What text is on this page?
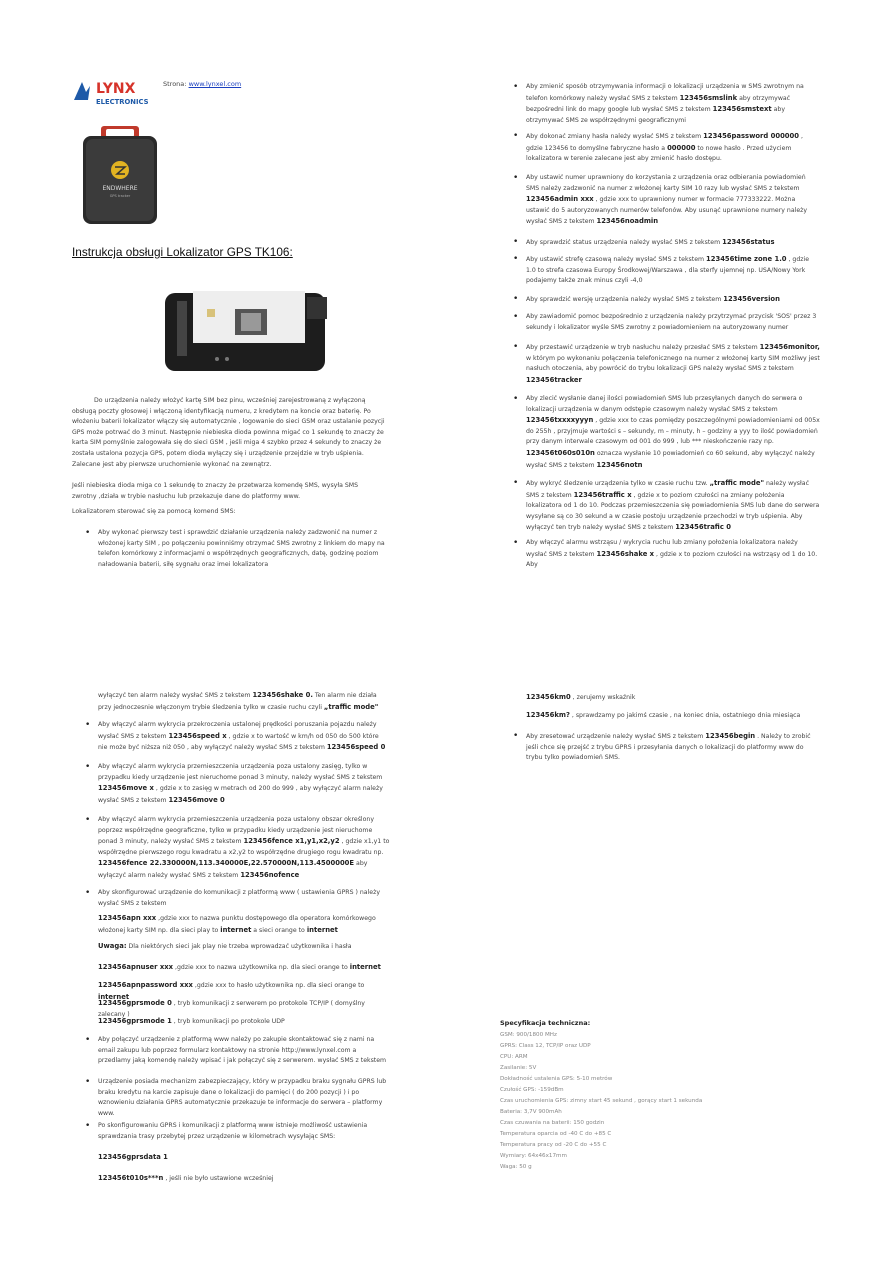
LYNX
ELECTRONICS
Strona: www.lynxel.com
ENDWHERE
GPS tracker
Instrukcja obsługi Lokalizator GPS TK106:
Do urządzenia należy włożyć kartę SIM bez pinu, wcześniej zarejestrowaną z wyłączoną obsługą poczty głosowej i włączoną identyfikacją numeru, z kredytem na koncie oraz baterię. Po włożeniu baterii lokalizator włączy się automatycznie , logowanie do sieci GSM oraz ustalanie pozycji GPS może potrwać do 3 minut. Następnie niebieska dioda powinna migać co 1 sekundę to znaczy że karta SIM pomyślnie zalogowała się do sieci GSM , jeśli miga 4 szybko przez 4 sekundy to znaczy że została ustalona pozycja GPS, potem dioda wyłączy się i urządzenie przejdzie w tryb uśpienia. Zalecane jest aby pierwsze uruchomienie wykonać na zewnątrz.
Jeśli niebieska dioda miga co 1 sekundę to znaczy że przetwarza komendę SMS, wysyła SMS zwrotny ,działa w trybie nasłuchu lub przekazuje dane do platformy www.
Lokalizatorem sterować się za pomocą komend SMS:
• Aby wykonać pierwszy test i sprawdzić działanie urządzenia należy zadzwonić na numer z włożonej karty SIM , po połączeniu powinniśmy otrzymać SMS zwrotny z linkiem do mapy na telefon komórkowy z informacjami o współrzędnych geograficznych, datę, godzinę poziom naładowania baterii, siłę sygnału oraz imei lokalizatora
• Aby zmienić sposób otrzymywania informacji o lokalizacji urządzenia w SMS zwrotnym na telefon komórkowy należy wysłać SMS z tekstem 123456smslink aby otrzymywać bezpośredni link do mapy google lub wysłać SMS z tekstem 123456smstext aby otrzymywać SMS ze współrzędnymi geograficznymi
• Aby dokonać zmiany hasła należy wysłać SMS z tekstem 123456password 000000 , gdzie 123456 to domyślne fabryczne hasło a 000000 to nowe hasło . Przed użyciem lokalizatora w terenie zalecane jest aby zmienić hasło dostępu.
• Aby ustawić numer uprawniony do korzystania z urządzenia oraz odbierania powiadomień SMS należy zadzwonić na numer z włożonej karty SIM 10 razy lub wysłać SMS z tekstem 123456admin xxx , gdzie xxx to uprawniony numer w formacie 777333222. Można ustawić do 5 autoryzowanych numerów telefonów. Aby usunąć uprawnione numery należy wysłać SMS z tekstem 123456noadmin
• Aby sprawdzić status urządzenia należy wysłać SMS z tekstem 123456status
• Aby ustawić strefę czasową należy wysłać SMS z tekstem 123456time zone 1.0 , gdzie 1.0 to strefa czasowa Europy Środkowej/Warszawa , dla sterfy ujemnej np. USA/Nowy York podajemy także znak minus czyli -4,0
• Aby sprawdzić wersję urządzenia należy wysłać SMS z tekstem 123456version
• Aby zawiadomić pomoc bezpośrednio z urządzenia należy przytrzymać przycisk 'SOS' przez 3 sekundy i lokalizator wyśle SMS zwrotny z powiadomieniem na autoryzowany numer
• Aby przestawić urządzenie w tryb nasłuchu należy przesłać SMS z tekstem 123456monitor, w którym po wykonaniu połączenia telefonicznego na numer z włożonej karty SIM możliwy jest nasłuch otoczenia, aby powrócić do trybu lokalizacji GPS należy wysłać SMS z tekstem 123456tracker
• Aby zlecić wysłanie danej ilości powiadomień SMS lub przesyłanych danych do serwera o lokalizacji urządzenia w danym odstępie czasowym należy wysłać SMS z tekstem 123456txxxxyyyn , gdzie xxx to czas pomiędzy poszczególnymi powiadomieniami od 005x do 255h , przyjmuje wartości s – sekundy, m – minuty, h – godziny a yyy to ilość powiadomień przy danym interwale czasowym od 001 do 999 , lub *** nieskończenie razy np. 123456t060s010n oznacza wysłanie 10 powiadomień co 60 sekund, aby wyłączyć należy wysłać SMS z tekstem 123456notn
• Aby wykryć śledzenie urządzenia tylko w czasie ruchu tzw. „traffic mode" należy wysłać SMS z tekstem 123456traffic x , gdzie x to poziom czułości na zmiany położenia lokalizatora od 1 do 10. Podczas przemieszczenia się powiadomienia SMS lub dane do serwera wysyłane są co 30 sekund a w czasie postoju urządzenie przechodzi w tryb uśpienia. Aby wyłączyć ten tryb należy wysłać SMS z tekstem 123456trafic 0
• Aby włączyć alarmu wstrząsu / wykrycia ruchu lub zmiany położenia lokalizatora należy wysłać SMS z tekstem 123456shake x , gdzie x to poziom czułości na wstrząsy od 1 do 10. Aby
wyłączyć ten alarm należy wysłać SMS z tekstem 123456shake 0. Ten alarm nie działa przy jednoczesnie włączonym trybie śledzenia tylko w czasie ruchu czyli „traffic mode"
• Aby włączyć alarm wykrycia przekroczenia ustalonej prędkości poruszania pojazdu należy wysłać SMS z tekstem 123456speed x , gdzie x to wartość w km/h od 050 do 500 które nie może być niższa niż 050 , aby wyłączyć należy wysłać SMS z tekstem 123456speed 0
• Aby włączyć alarm wykrycia przemieszczenia urządzenia poza ustalony zasięg, tylko w przypadku kiedy urządzenie jest nieruchome ponad 3 minuty, należy wysłać SMS z tekstem 123456move x , gdzie x to zasięg w metrach od 200 do 999 , aby wyłączyć alarm należy wysłać SMS z tekstem 123456move 0
• Aby włączyć alarm wykrycia przemieszczenia urządzenia poza ustalony obszar określony poprzez współrzędne geograficzne, tylko w przypadku kiedy urządzenie jest nieruchome ponad 3 minuty, należy wysłać SMS z tekstem 123456fence x1,y1,x2,y2 , gdzie x1,y1 to współrzędne pierwszego rogu kwadratu a x2,y2 to współrzędne drugiego rogu kwadratu np. 123456fence 22.330000N,113.340000E,22.570000N,113.4500000E aby wyłączyć alarm należy wysłać SMS z tekstem 123456nofence
• Aby skonfigurować urządzenie do komunikacji z platformą www ( ustawienia GPRS ) należy wysłać SMS z tekstem
123456apn xxx ,gdzie xxx to nazwa punktu dostępowego dla operatora komórkowego włożonej karty SIM np. dla sieci play to internet a sieci orange to internet
Uwaga: Dla niektórych sieci jak play nie trzeba wprowadzać użytkownika i hasła
123456apnuser xxx ,gdzie xxx to nazwa użytkownika np. dla sieci orange to internet
123456apnpassword xxx ,gdzie xxx to hasło użytkownika np. dla sieci orange to internet
123456gprsmode 0 , tryb komunikacji z serwerem po protokole TCP/IP ( domyślny zalecany )
123456gprsmode 1 , tryb komunikacji po protokole UDP
• Aby połączyć urządzenie z platformą www należy po zakupie skontaktować się z nami na email zakupu lub poprzez formularz kontaktowy na stronie http://www.lynxel.com a przedlamy jaką komendę należy wpisać i jak połączyć się z serwerem. wysłać SMS z tekstem
• Urządzenie posiada mechanizm zabezpieczający, który w przypadku braku sygnału GPRS lub braku kredytu na karcie zapisuje dane o lokalizacji do pamięci ( do 200 pozycji ) i po wznowieniu działania GPRS automatycznie przekazuje te informacje do serwera – platformy www.
• Po skonfigurowaniu GPRS i komunikacji z platformą www istnieje możliwość ustawienia sprawdzania trasy przebytej przez urządzenie w kilometrach wysyłając SMS:
123456gprsdata 1
123456t010s***n , jeśli nie było ustawione wcześniej
123456km0 , zerujemy wskaźnik
123456km? , sprawdzamy po jakimś czasie , na koniec dnia, ostatniego dnia miesiąca
• Aby zresetować urządzenie należy wysłać SMS z tekstem 123456begin . Należy to zrobić jeśli chce się przejść z trybu GPRS i przesyłania danych o lokalizacji do platformy www do trybu tylko powiadomień SMS.
Specyfikacja techniczna:
GSM: 900/1800 MHz
GPRS: Class 12, TCP/IP oraz UDP
CPU: ARM
Zasilanie: 5V
Dokładność ustalenia GPS: 5-10 metrów
Czułość GPS: -159dBm
Czas uruchomienia GPS: zimny start 45 sekund , gorący start 1 sekunda
Bateria: 3,7V 900mAh
Czas czuwania na baterii: 150 godzin
Temperatura oparcia od -40 C do +85 C
Temperatura pracy od -20 C do +55 C
Wymiary: 64x46x17mm
Waga: 50 g
